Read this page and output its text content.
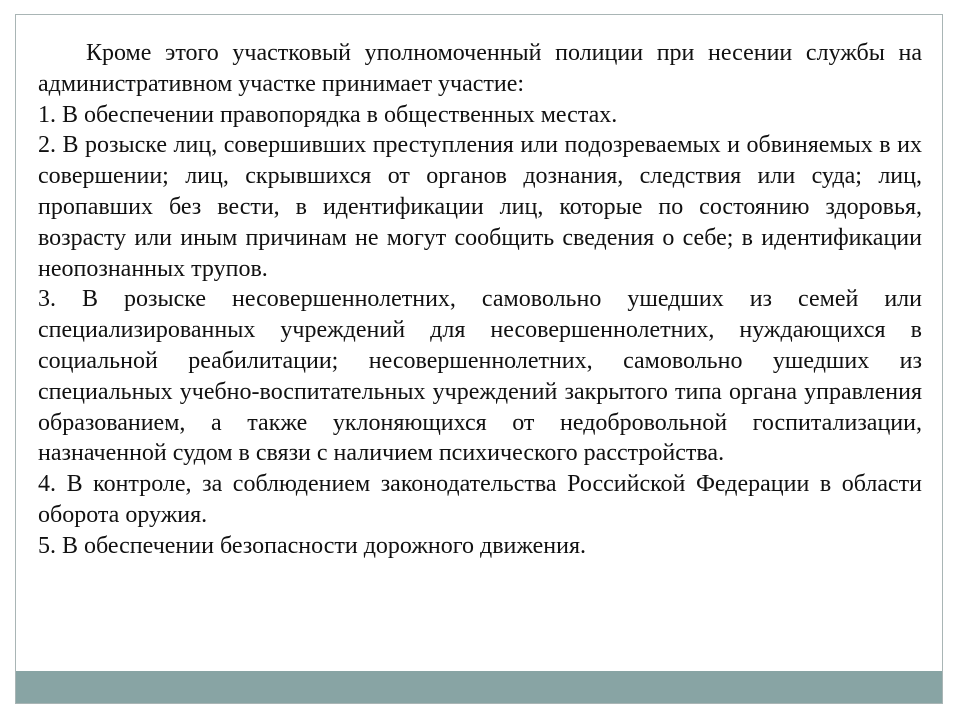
Кроме этого участковый уполномоченный полиции при несении службы на административном участке принимает участие:

1. В обеспечении правопорядка в общественных местах.

2. В розыске лиц, совершивших преступления или подозреваемых и обвиняемых в их совершении; лиц, скрывшихся от органов дознания, следствия или суда; лиц, пропавших без вести, в идентификации лиц, которые по состоянию здоровья, возрасту или иным причинам не могут сообщить сведения о себе; в идентификации неопознанных трупов.

3. В розыске несовершеннолетних, самовольно ушедших из семей или специализированных учреждений для несовершеннолетних, нуждающихся в социальной реабилитации; несовершеннолетних, самовольно ушедших из специальных учебно-воспитательных учреждений закрытого типа органа управления образованием, а также уклоняющихся от недобровольной госпитализации, назначенной судом в связи с наличием психического расстройства.

4. В контроле, за соблюдением законодательства Российской Федерации в области оборота оружия.

5. В обеспечении безопасности дорожного движения.
